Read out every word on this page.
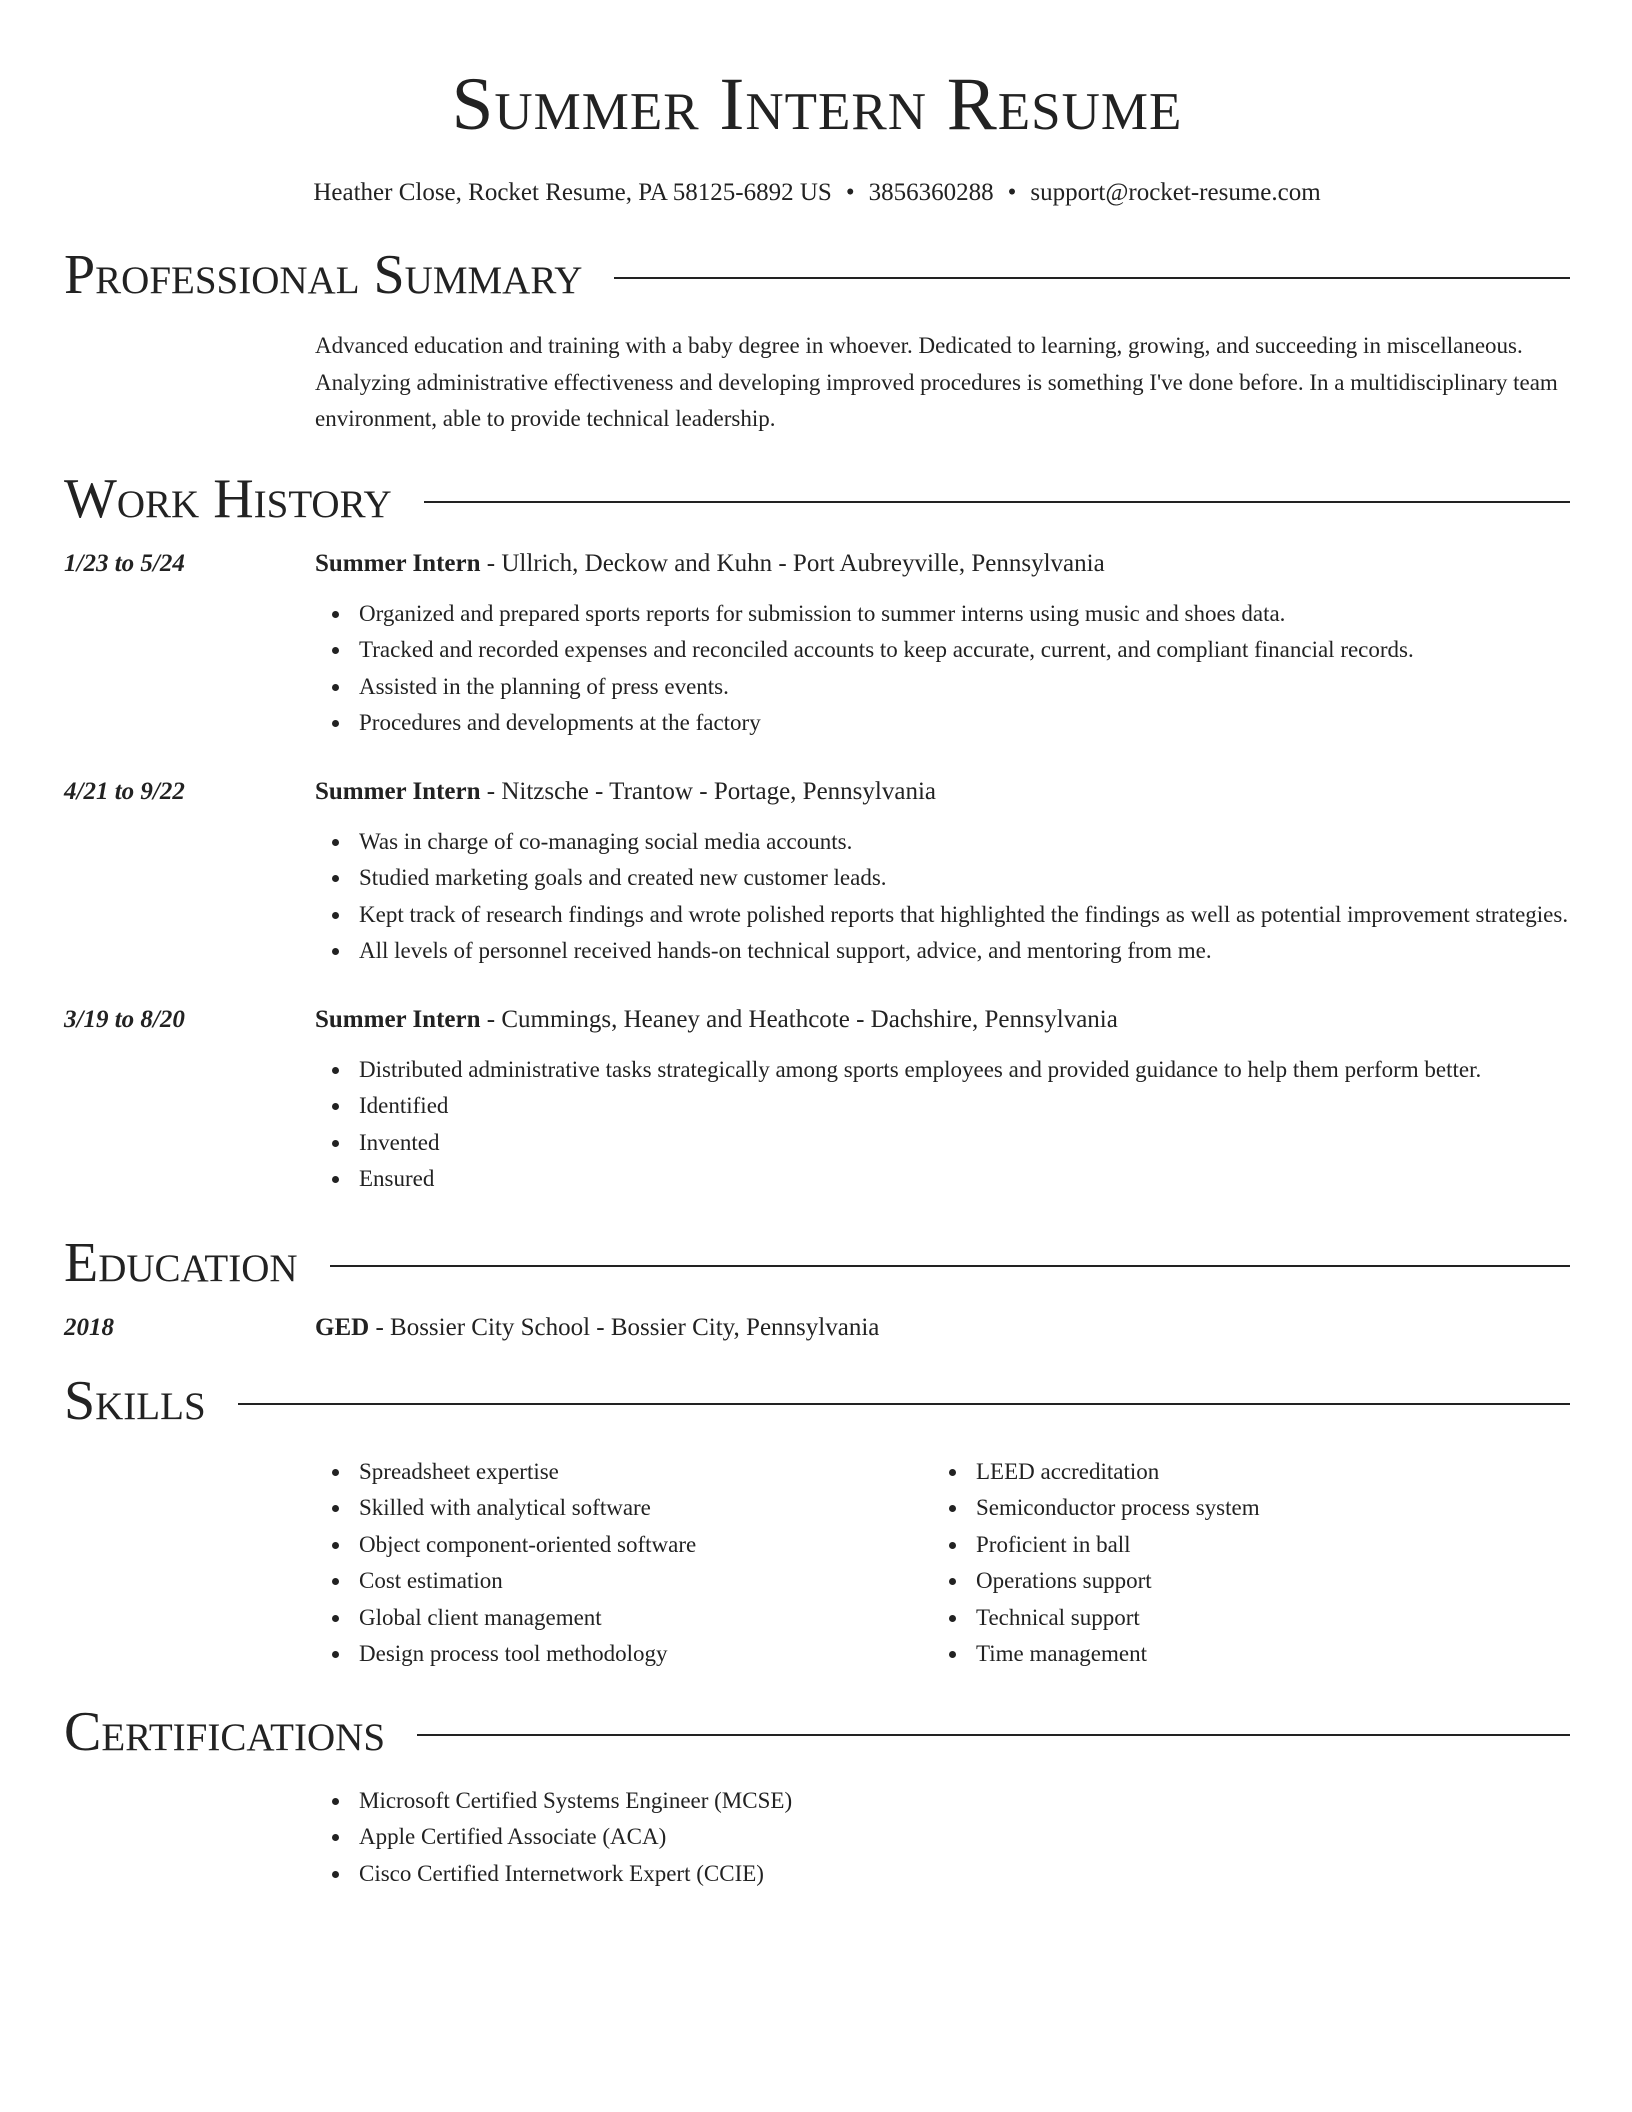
Summer Intern Resume
Heather Close, Rocket Resume, PA 58125-6892 US • 3856360288 • support@rocket-resume.com
Professional Summary
Advanced education and training with a baby degree in whoever. Dedicated to learning, growing, and succeeding in miscellaneous. Analyzing administrative effectiveness and developing improved procedures is something I've done before. In a multidisciplinary team environment, able to provide technical leadership.
Work History
1/23 to 5/24	Summer Intern - Ullrich, Deckow and Kuhn - Port Aubreyville, Pennsylvania
Organized and prepared sports reports for submission to summer interns using music and shoes data.
Tracked and recorded expenses and reconciled accounts to keep accurate, current, and compliant financial records.
Assisted in the planning of press events.
Procedures and developments at the factory
4/21 to 9/22	Summer Intern - Nitzsche - Trantow - Portage, Pennsylvania
Was in charge of co-managing social media accounts.
Studied marketing goals and created new customer leads.
Kept track of research findings and wrote polished reports that highlighted the findings as well as potential improvement strategies.
All levels of personnel received hands-on technical support, advice, and mentoring from me.
3/19 to 8/20	Summer Intern - Cummings, Heaney and Heathcote - Dachshire, Pennsylvania
Distributed administrative tasks strategically among sports employees and provided guidance to help them perform better.
Identified
Invented
Ensured
Education
2018	GED - Bossier City School - Bossier City, Pennsylvania
Skills
Spreadsheet expertise
Skilled with analytical software
Object component-oriented software
Cost estimation
Global client management
Design process tool methodology
LEED accreditation
Semiconductor process system
Proficient in ball
Operations support
Technical support
Time management
Certifications
Microsoft Certified Systems Engineer (MCSE)
Apple Certified Associate (ACA)
Cisco Certified Internetwork Expert (CCIE)
